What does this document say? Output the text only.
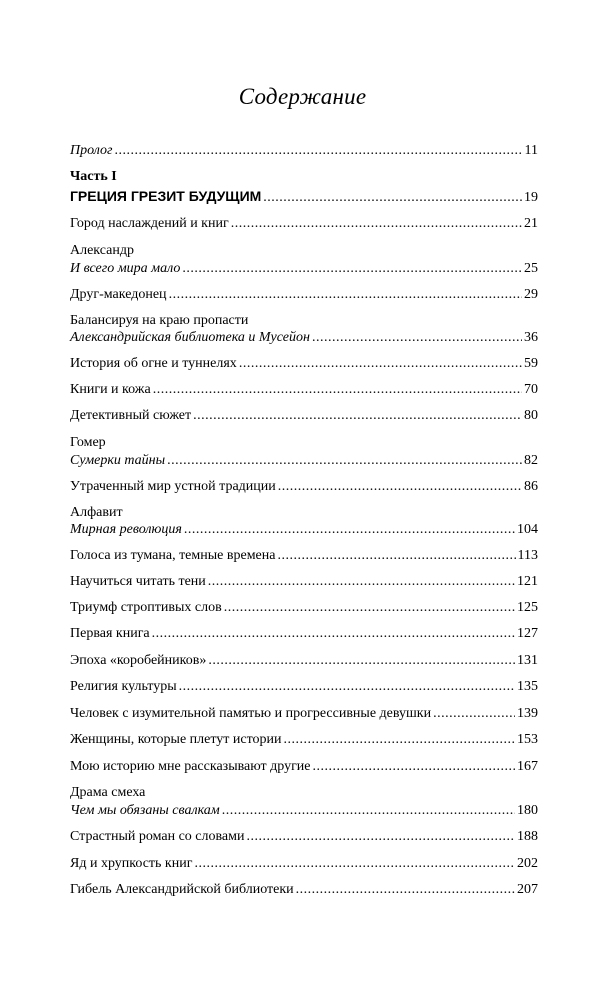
Содержание
Пролог .....	11
Часть I
ГРЕЦИЯ ГРЕЗИТ БУДУЩИМ .....	19
Город наслаждений и книг .....	21
Александр
И всего мира мало .....	25
Друг-македонец .....	29
Балансируя на краю пропасти
Александрийская библиотека и Мусейон .....	36
История об огне и туннелях .....	59
Книги и кожа .....	70
Детективный сюжет .....	80
Гомер
Сумерки тайны .....	82
Утраченный мир устной традиции .....	86
Алфавит
Мирная революция .....	104
Голоса из тумана, темные времена .....	113
Научиться читать тени .....	121
Триумф строптивых слов .....	125
Первая книга .....	127
Эпоха «коробейников» .....	131
Религия культуры .....	135
Человек с изумительной памятью и прогрессивные девушки .....	139
Женщины, которые плетут истории .....	153
Мою историю мне рассказывают другие .....	167
Драма смеха
Чем мы обязаны свалкам .....	180
Страстный роман со словами .....	188
Яд и хрупкость книг .....	202
Гибель Александрийской библиотеки .....	207
